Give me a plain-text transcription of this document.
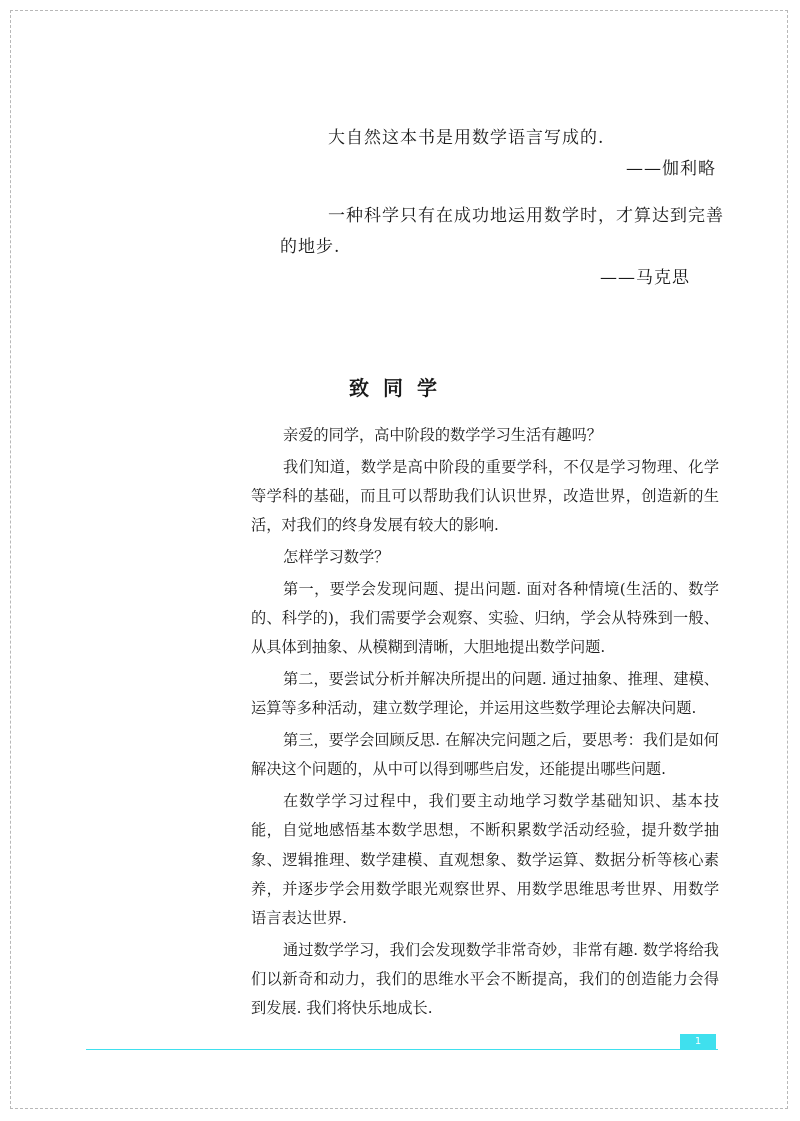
大自然这本书是用数学语言写成的.

——伽利略

一种科学只有在成功地运用数学时，才算达到完善的地步.

——马克思

致同学

亲爱的同学，高中阶段的数学学习生活有趣吗？

我们知道，数学是高中阶段的重要学科，不仅是学习物理、化学等学科的基础，而且可以帮助我们认识世界，改造世界，创造新的生活，对我们的终身发展有较大的影响.

怎样学习数学？

第一，要学会发现问题、提出问题. 面对各种情境(生活的、数学的、科学的)，我们需要学会观察、实验、归纳，学会从特殊到一般、从具体到抽象、从模糊到清晰，大胆地提出数学问题.

第二，要尝试分析并解决所提出的问题. 通过抽象、推理、建模、运算等多种活动，建立数学理论，并运用这些数学理论去解决问题.

第三，要学会回顾反思. 在解决完问题之后，要思考：我们是如何解决这个问题的，从中可以得到哪些启发，还能提出哪些问题.

在数学学习过程中，我们要主动地学习数学基础知识、基本技能，自觉地感悟基本数学思想，不断积累数学活动经验，提升数学抽象、逻辑推理、数学建模、直观想象、数学运算、数据分析等核心素养，并逐步学会用数学眼光观察世界、用数学思维思考世界、用数学语言表达世界.

通过数学学习，我们会发现数学非常奇妙，非常有趣. 数学将给我们以新奇和动力，我们的思维水平会不断提高，我们的创造能力会得到发展. 我们将快乐地成长.

1
